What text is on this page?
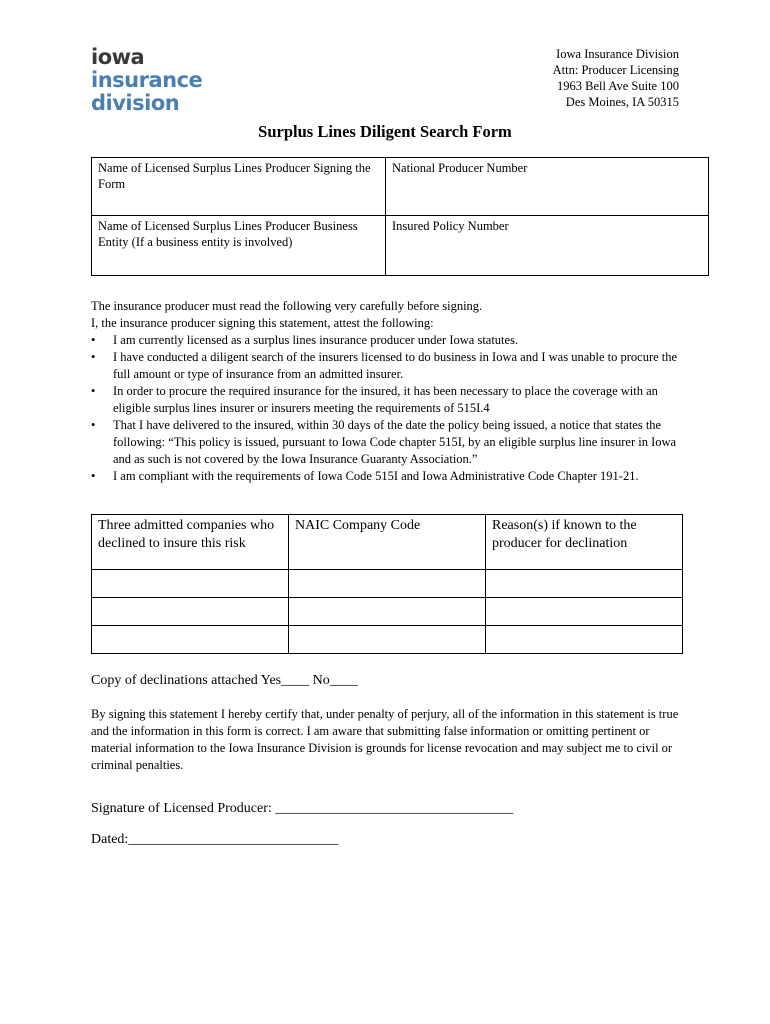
iowa
insurance
division
Iowa Insurance Division
Attn: Producer Licensing
1963 Bell Ave Suite 100
Des Moines, IA 50315
Surplus Lines Diligent Search Form
Name of Licensed Surplus Lines Producer Signing the Form	National Producer Number
Name of Licensed Surplus Lines Producer Business Entity (If a business entity is involved)	Insured Policy Number

The insurance producer must read the following very carefully before signing.

I, the insurance producer signing this statement, attest the following:

• I am currently licensed as a surplus lines insurance producer under Iowa statutes.
• I have conducted a diligent search of the insurers licensed to do business in Iowa and I was unable to procure the full amount or type of insurance from an admitted insurer.
• In order to procure the required insurance for the insured, it has been necessary to place the coverage with an eligible surplus lines insurer or insurers meeting the requirements of 515I.4
• That I have delivered to the insured, within 30 days of the date the policy being issued, a notice that states the following: “This policy is issued, pursuant to Iowa Code chapter 515I, by an eligible surplus line insurer in Iowa and as such is not covered by the Iowa Insurance Guaranty Association.”
• I am compliant with the requirements of Iowa Code 515I and Iowa Administrative Code Chapter 191-21.
Three admitted companies who declined to insure this risk	NAIC Company Code	Reason(s) if known to the producer for declination

Copy of declinations attached Yes____ No____
By signing this statement I hereby certify that, under penalty of perjury, all of the information in this statement is true and the information in this form is correct. I am aware that submitting false information or omitting pertinent or material information to the Iowa Insurance Division is grounds for license revocation and may subject me to civil or criminal penalties.
Signature of Licensed Producer: __________________________________
Dated:______________________________
